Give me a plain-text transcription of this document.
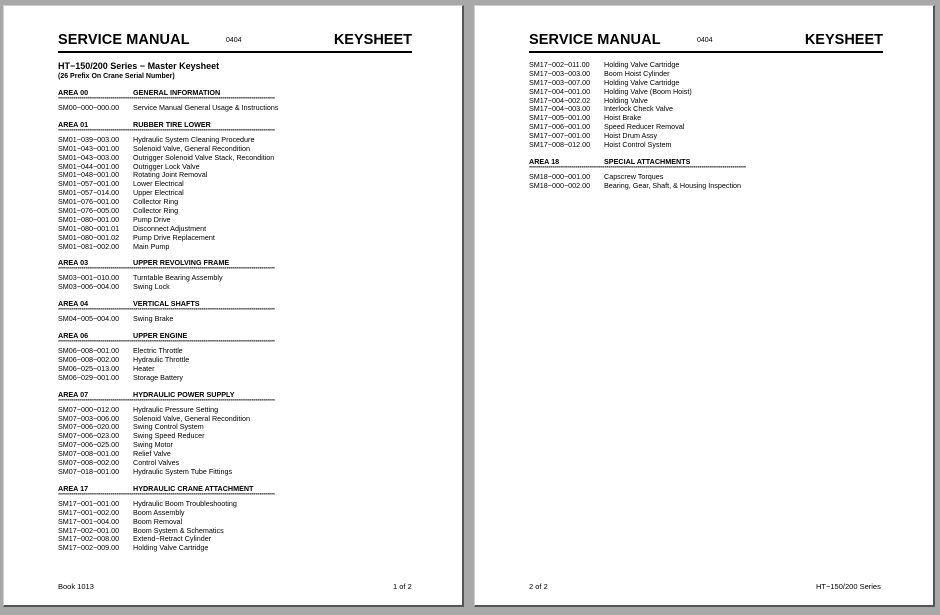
SERVICE MANUAL	0404	KEYSHEET
HT−150/200 Series − Master Keysheet
(26 Prefix On Crane Serial Number)
AREA 00	GENERAL INFORMATION
****************************************************************************************************************
SM00−000−000.00 Service Manual General Usage & Instructions
AREA 01	RUBBER TIRE LOWER
****************************************************************************************************************
SM01−039−003.00 Hydraulic System Cleaning Procedure
SM01−043−001.00 Solenoid Valve, General Recondition
SM01−043−003.00 Outrigger Solenoid Valve Stack, Recondition
SM01−044−001.00 Outrigger Lock Valve
SM01−048−001.00 Rotating Joint Removal
SM01−057−001.00 Lower Electrical
SM01−057−014.00 Upper Electrical
SM01−076−001.00 Collector Ring
SM01−076−005.00 Collector Ring
SM01−080−001.00 Pump Drive
SM01−080−001.01 Disconnect Adjustment
SM01−080−001.02 Pump Drive Replacement
SM01−081−002.00 Main Pump
AREA 03	UPPER REVOLVING FRAME
****************************************************************************************************************
SM03−001−010.00 Turntable Bearing Assembly
SM03−006−004.00 Swing Lock
AREA 04	VERTICAL SHAFTS
****************************************************************************************************************
SM04−005−004.00 Swing Brake
AREA 06	UPPER ENGINE
****************************************************************************************************************
SM06−008−001.00 Electric Throttle
SM06−008−002.00 Hydraulic Throttle
SM06−025−013.00 Heater
SM06−029−001.00 Storage Battery
AREA 07	HYDRAULIC POWER SUPPLY
****************************************************************************************************************
SM07−000−012.00 Hydraulic Pressure Setting
SM07−003−006.00 Solenoid Valve, General Recondition
SM07−006−020.00 Swing Control System
SM07−006−023.00 Swing Speed Reducer
SM07−006−025.00 Swing Motor
SM07−008−001.00 Relief Valve
SM07−008−002.00 Control Valves
SM07−018−001.00 Hydraulic System Tube Fittings
AREA 17	HYDRAULIC CRANE ATTACHMENT
****************************************************************************************************************
SM17−001−001.00 Hydraulic Boom Troubleshooting
SM17−001−002.00 Boom Assembly
SM17−001−004.00 Boom Removal
SM17−002−001.00 Boom System & Schematics
SM17−002−008.00 Extend−Retract Cylinder
SM17−002−009.00 Holding Valve Cartridge
Book 1013	1 of 2
SERVICE MANUAL	0404	KEYSHEET
SM17−002−011.00 Holding Valve Cartridge
SM17−003−003.00 Boom Hoist Cylinder
SM17−003−007.00 Holding Valve Cartridge
SM17−004−001.00 Holding Valve (Boom Hoist)
SM17−004−002.02 Holding Valve
SM17−004−003.00 Interlock Check Valve
SM17−005−001.00 Hoist Brake
SM17−006−001.00 Speed Reducer Removal
SM17−007−001.00 Hoist Drum Assy
SM17−008−012.00 Hoist Control System
AREA 18	SPECIAL ATTACHMENTS
****************************************************************************************************************
SM18−000−001.00 Capscrew Torques
SM18−000−002.00 Bearing, Gear, Shaft, & Housing Inspection
2 of 2	HT−150/200 Series
